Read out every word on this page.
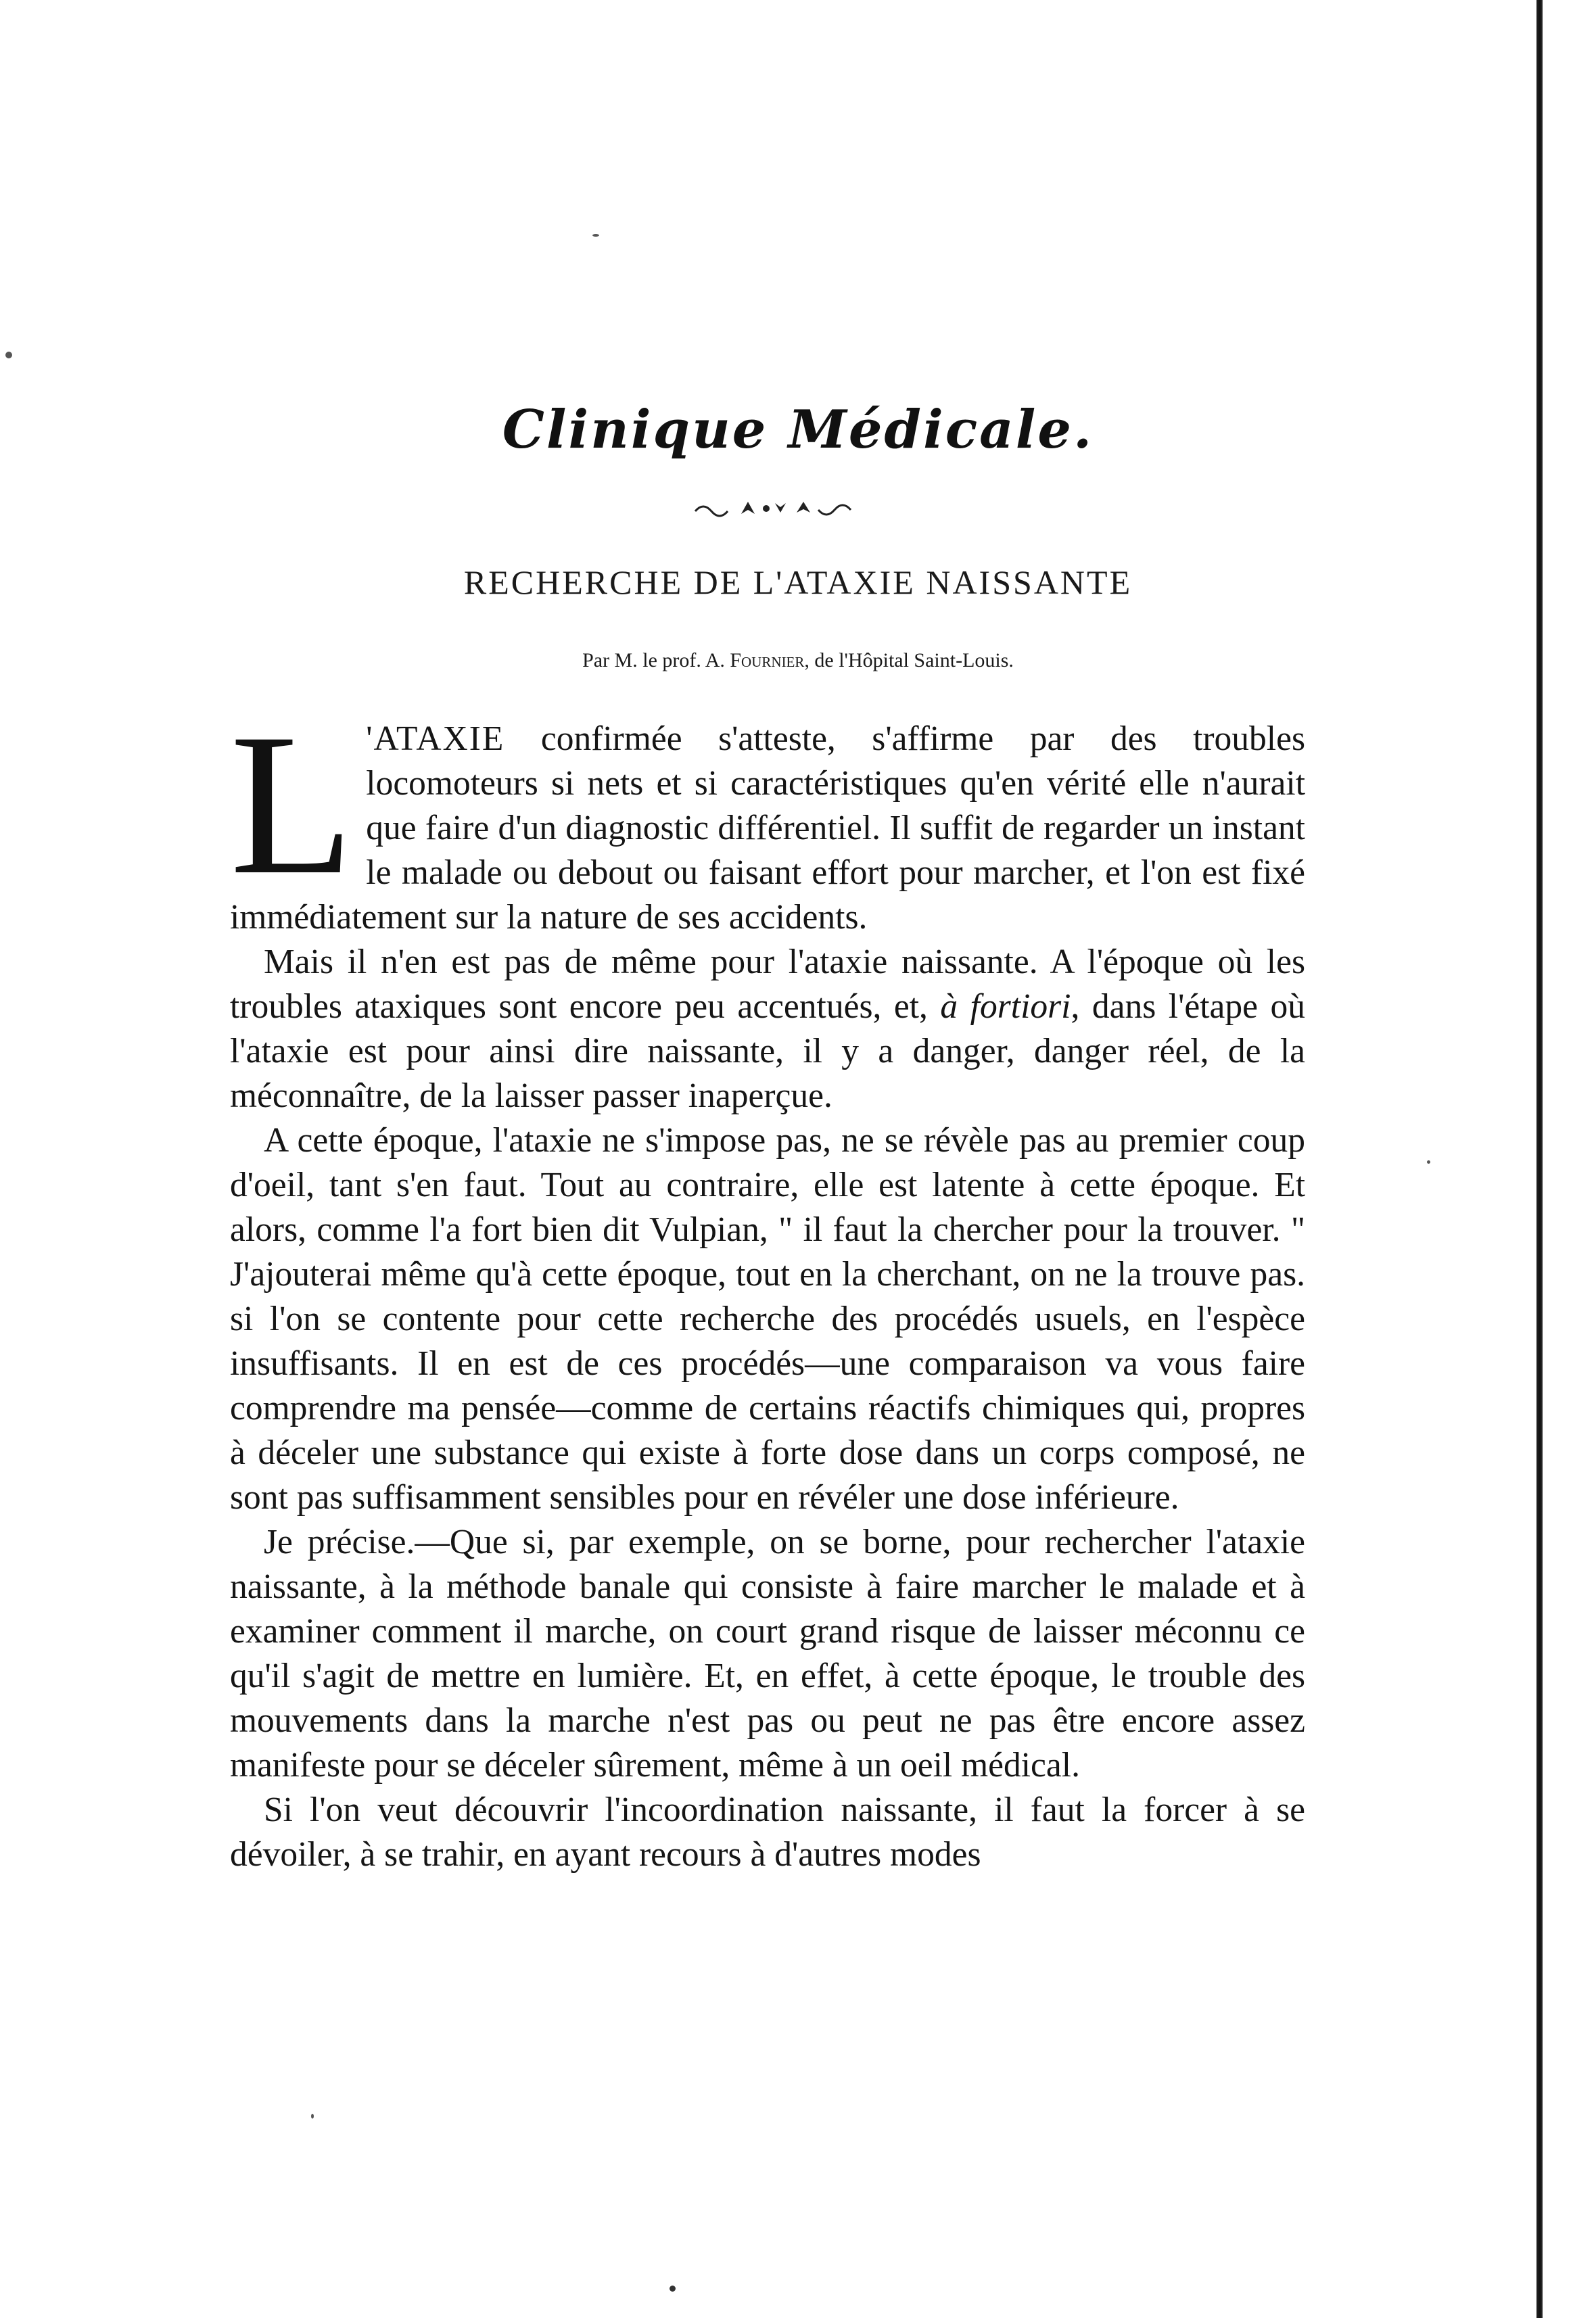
Clinique Médicale.
RECHERCHE DE L'ATAXIE NAISSANTE
Par M. le prof. A. Fournier, de l'Hôpital Saint-Louis.

L 'ATAXIE confirmée s'atteste, s'affirme par des troubles locomoteurs si nets et si caractéristiques qu'en vérité elle n'aurait que faire d'un diagnostic différentiel. Il suffit de regarder un instant le malade ou debout ou faisant effort pour marcher, et l'on est fixé immédiatement sur la nature de ses accidents.

Mais il n'en est pas de même pour l'ataxie naissante. A l'époque où les troubles ataxiques sont encore peu accentués, et, à fortiori, dans l'étape où l'ataxie est pour ainsi dire naissante, il y a danger, danger réel, de la méconnaître, de la laisser passer inaperçue.

A cette époque, l'ataxie ne s'impose pas, ne se révèle pas au premier coup d'oeil, tant s'en faut. Tout au contraire, elle est latente à cette époque. Et alors, comme l'a fort bien dit Vulpian, " il faut la chercher pour la trouver. " J'ajouterai même qu'à cette époque, tout en la cherchant, on ne la trouve pas. si l'on se contente pour cette recherche des procédés usuels, en l'espèce insuffisants. Il en est de ces procédés—une comparaison va vous faire comprendre ma pensée—comme de certains réactifs chimiques qui, propres à déceler une substance qui existe à forte dose dans un corps composé, ne sont pas suffisamment sensibles pour en révéler une dose inférieure.

Je précise.—Que si, par exemple, on se borne, pour rechercher l'ataxie naissante, à la méthode banale qui consiste à faire marcher le malade et à examiner comment il marche, on court grand risque de laisser méconnu ce qu'il s'agit de mettre en lumière. Et, en effet, à cette époque, le trouble des mouvements dans la marche n'est pas ou peut ne pas être encore assez manifeste pour se déceler sûrement, même à un oeil médical.

Si l'on veut découvrir l'incoordination naissante, il faut la forcer à se dévoiler, à se trahir, en ayant recours à d'autres modes
